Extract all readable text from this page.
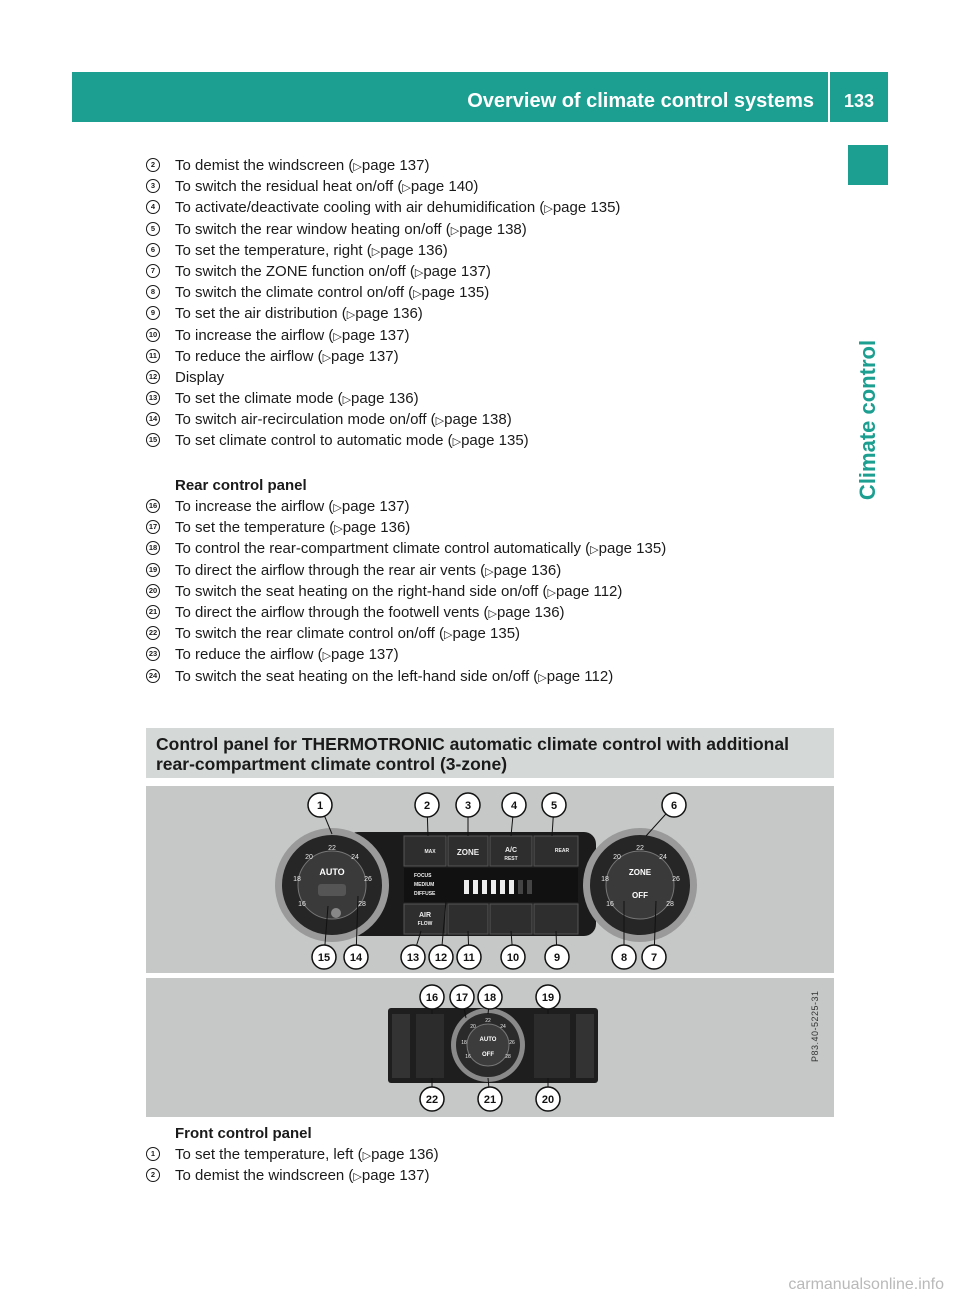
Overview of climate control systems	133
Climate control
2	To demist the windscreen (▷page 137)
3	To switch the residual heat on/off (▷page 140)
4	To activate/deactivate cooling with air dehumidification (▷page 135)
5	To switch the rear window heating on/off (▷page 138)
6	To set the temperature, right (▷page 136)
7	To switch the ZONE function on/off (▷page 137)
8	To switch the climate control on/off (▷page 135)
9	To set the air distribution (▷page 136)
10 To increase the airflow (▷page 137)
11 To reduce the airflow (▷page 137)
12 Display
13 To set the climate mode (▷page 136)
14 To switch air-recirculation mode on/off (▷page 138)
15 To set climate control to automatic mode (▷page 135)
Rear control panel
16 To increase the airflow (▷page 137)
17 To set the temperature (▷page 136)
18 To control the rear-compartment climate control automatically (▷page 135)
19 To direct the airflow through the rear air vents (▷page 136)
20 To switch the seat heating on the right-hand side on/off (▷page 112)
21 To direct the airflow through the footwell vents (▷page 136)
22 To switch the rear climate control on/off (▷page 135)
23 To reduce the airflow (▷page 137)
24 To switch the seat heating on the left-hand side on/off (▷page 112)
Control panel for THERMOTRONIC automatic climate control with additional rear-compartment climate control (3-zone)
16
18
20
22
24
26
28
AUTO
16
18
20
22
24
26
28
ZONE
OFF
MAX	ZONE	A/C
REST
REAR
FOCUS
MEDIUM
DIFFUSE
AIR
FLOW
1	2	3	4	5	6
15 14	13 12 11	10	9	8 7
16
18
20
22
24
26
28
AUTO
OFF
16 17 18	19
22	21	20
P83.40-5225-31
Front control panel
1	To set the temperature, left (▷page 136)
2	To demist the windscreen (▷page 137)
carmanualsonline.info
